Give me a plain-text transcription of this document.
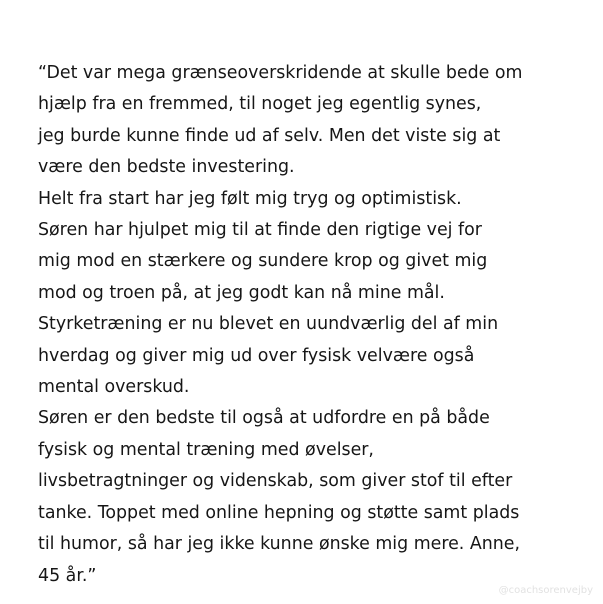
“Det var mega grænseoverskridende at skulle bede om
hjælp fra en fremmed, til noget jeg egentlig synes,
jeg burde kunne finde ud af selv. Men det viste sig at
være den bedste investering.
Helt fra start har jeg følt mig tryg og optimistisk.
Søren har hjulpet mig til at finde den rigtige vej for
mig mod en stærkere og sundere krop og givet mig
mod og troen på, at jeg godt kan nå mine mål.
Styrketræning er nu blevet en uundværlig del af min
hverdag og giver mig ud over fysisk velvære også
mental overskud.
Søren er den bedste til også at udfordre en på både
fysisk og mental træning med øvelser,
livsbetragtninger og videnskab, som giver stof til efter
tanke. Toppet med online hepning og støtte samt plads
til humor, så har jeg ikke kunne ønske mig mere. Anne,
45 år.”
@coachsorenvejby
